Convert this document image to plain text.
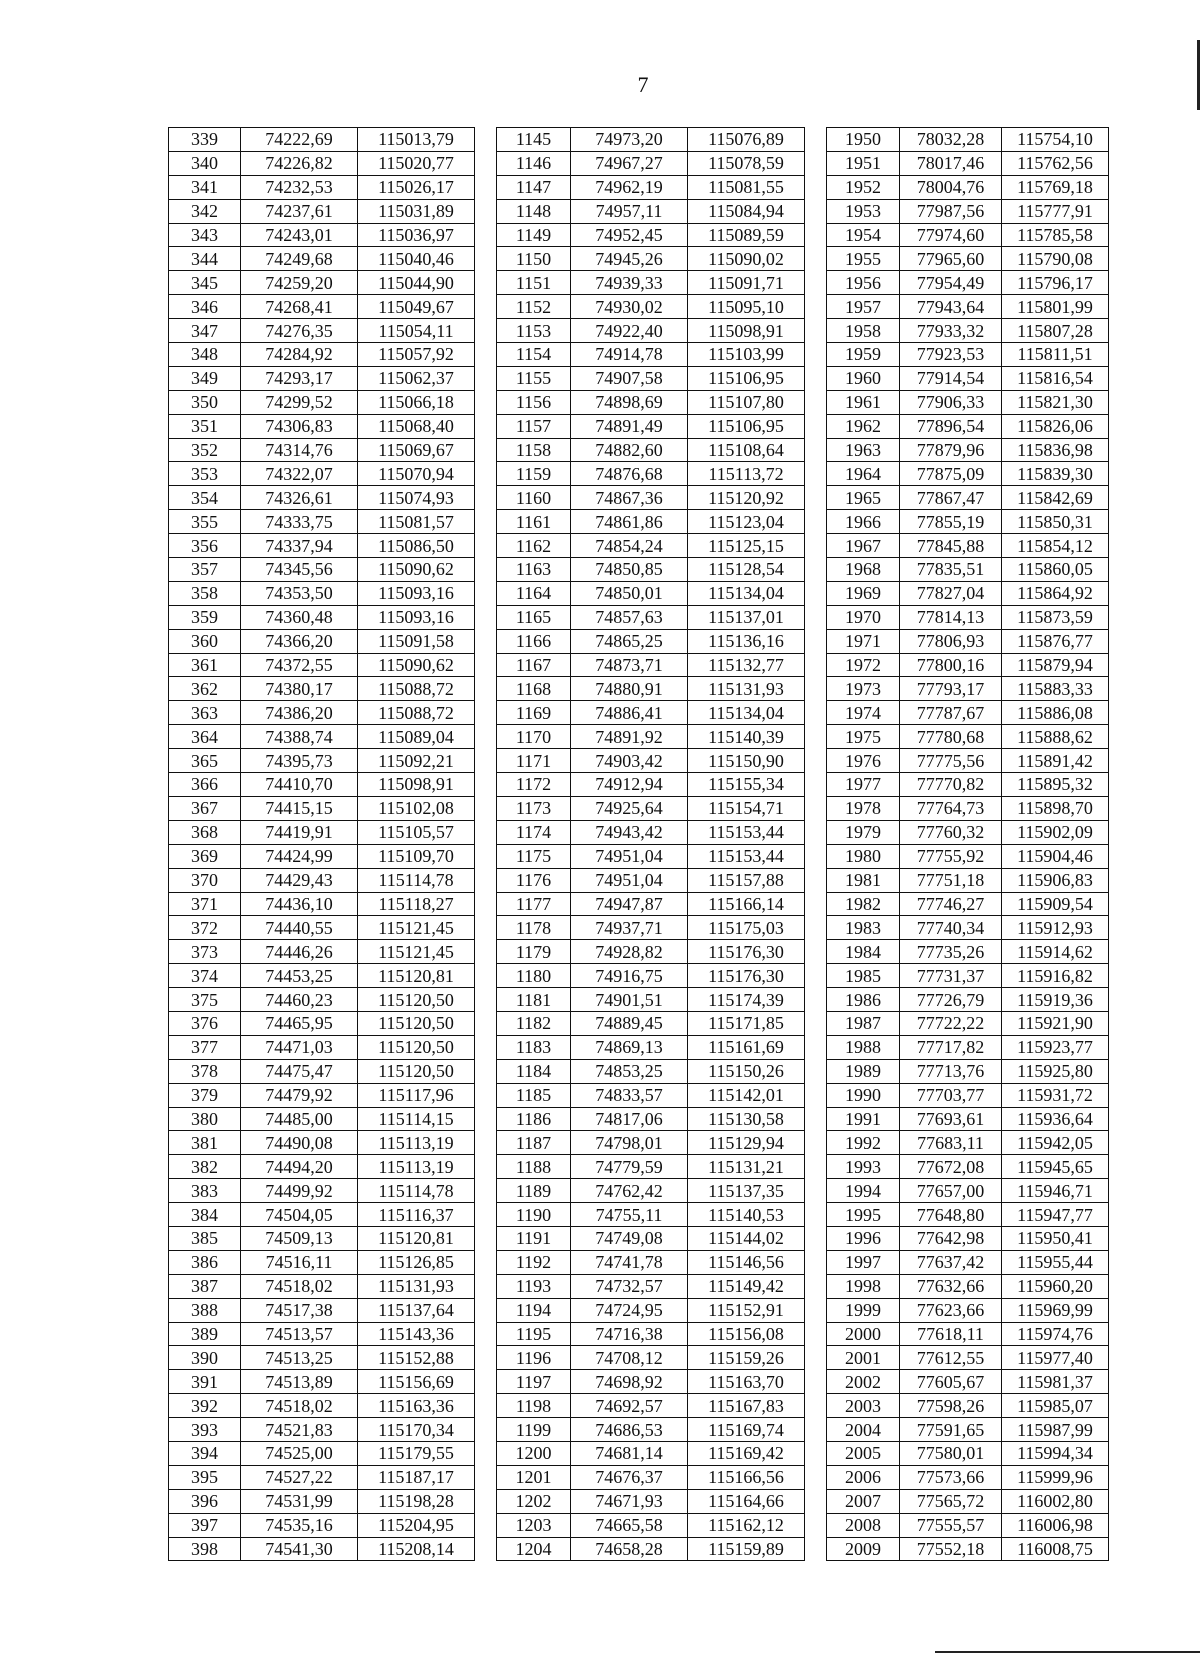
7
339	74222,69	115013,79		1145	74973,20	115076,89		1950	78032,28	115754,10
340	74226,82	115020,77		1146	74967,27	115078,59		1951	78017,46	115762,56
341	74232,53	115026,17		1147	74962,19	115081,55		1952	78004,76	115769,18
342	74237,61	115031,89		1148	74957,11	115084,94		1953	77987,56	115777,91
343	74243,01	115036,97		1149	74952,45	115089,59		1954	77974,60	115785,58
344	74249,68	115040,46		1150	74945,26	115090,02		1955	77965,60	115790,08
345	74259,20	115044,90		1151	74939,33	115091,71		1956	77954,49	115796,17
346	74268,41	115049,67		1152	74930,02	115095,10		1957	77943,64	115801,99
347	74276,35	115054,11		1153	74922,40	115098,91		1958	77933,32	115807,28
348	74284,92	115057,92		1154	74914,78	115103,99		1959	77923,53	115811,51
349	74293,17	115062,37		1155	74907,58	115106,95		1960	77914,54	115816,54
350	74299,52	115066,18		1156	74898,69	115107,80		1961	77906,33	115821,30
351	74306,83	115068,40		1157	74891,49	115106,95		1962	77896,54	115826,06
352	74314,76	115069,67		1158	74882,60	115108,64		1963	77879,96	115836,98
353	74322,07	115070,94		1159	74876,68	115113,72		1964	77875,09	115839,30
354	74326,61	115074,93		1160	74867,36	115120,92		1965	77867,47	115842,69
355	74333,75	115081,57		1161	74861,86	115123,04		1966	77855,19	115850,31
356	74337,94	115086,50		1162	74854,24	115125,15		1967	77845,88	115854,12
357	74345,56	115090,62		1163	74850,85	115128,54		1968	77835,51	115860,05
358	74353,50	115093,16		1164	74850,01	115134,04		1969	77827,04	115864,92
359	74360,48	115093,16		1165	74857,63	115137,01		1970	77814,13	115873,59
360	74366,20	115091,58		1166	74865,25	115136,16		1971	77806,93	115876,77
361	74372,55	115090,62		1167	74873,71	115132,77		1972	77800,16	115879,94
362	74380,17	115088,72		1168	74880,91	115131,93		1973	77793,17	115883,33
363	74386,20	115088,72		1169	74886,41	115134,04		1974	77787,67	115886,08
364	74388,74	115089,04		1170	74891,92	115140,39		1975	77780,68	115888,62
365	74395,73	115092,21		1171	74903,42	115150,90		1976	77775,56	115891,42
366	74410,70	115098,91		1172	74912,94	115155,34		1977	77770,82	115895,32
367	74415,15	115102,08		1173	74925,64	115154,71		1978	77764,73	115898,70
368	74419,91	115105,57		1174	74943,42	115153,44		1979	77760,32	115902,09
369	74424,99	115109,70		1175	74951,04	115153,44		1980	77755,92	115904,46
370	74429,43	115114,78		1176	74951,04	115157,88		1981	77751,18	115906,83
371	74436,10	115118,27		1177	74947,87	115166,14		1982	77746,27	115909,54
372	74440,55	115121,45		1178	74937,71	115175,03		1983	77740,34	115912,93
373	74446,26	115121,45		1179	74928,82	115176,30		1984	77735,26	115914,62
374	74453,25	115120,81		1180	74916,75	115176,30		1985	77731,37	115916,82
375	74460,23	115120,50		1181	74901,51	115174,39		1986	77726,79	115919,36
376	74465,95	115120,50		1182	74889,45	115171,85		1987	77722,22	115921,90
377	74471,03	115120,50		1183	74869,13	115161,69		1988	77717,82	115923,77
378	74475,47	115120,50		1184	74853,25	115150,26		1989	77713,76	115925,80
379	74479,92	115117,96		1185	74833,57	115142,01		1990	77703,77	115931,72
380	74485,00	115114,15		1186	74817,06	115130,58		1991	77693,61	115936,64
381	74490,08	115113,19		1187	74798,01	115129,94		1992	77683,11	115942,05
382	74494,20	115113,19		1188	74779,59	115131,21		1993	77672,08	115945,65
383	74499,92	115114,78		1189	74762,42	115137,35		1994	77657,00	115946,71
384	74504,05	115116,37		1190	74755,11	115140,53		1995	77648,80	115947,77
385	74509,13	115120,81		1191	74749,08	115144,02		1996	77642,98	115950,41
386	74516,11	115126,85		1192	74741,78	115146,56		1997	77637,42	115955,44
387	74518,02	115131,93		1193	74732,57	115149,42		1998	77632,66	115960,20
388	74517,38	115137,64		1194	74724,95	115152,91		1999	77623,66	115969,99
389	74513,57	115143,36		1195	74716,38	115156,08		2000	77618,11	115974,76
390	74513,25	115152,88		1196	74708,12	115159,26		2001	77612,55	115977,40
391	74513,89	115156,69		1197	74698,92	115163,70		2002	77605,67	115981,37
392	74518,02	115163,36		1198	74692,57	115167,83		2003	77598,26	115985,07
393	74521,83	115170,34		1199	74686,53	115169,74		2004	77591,65	115987,99
394	74525,00	115179,55		1200	74681,14	115169,42		2005	77580,01	115994,34
395	74527,22	115187,17		1201	74676,37	115166,56		2006	77573,66	115999,96
396	74531,99	115198,28		1202	74671,93	115164,66		2007	77565,72	116002,80
397	74535,16	115204,95		1203	74665,58	115162,12		2008	77555,57	116006,98
398	74541,30	115208,14		1204	74658,28	115159,89		2009	77552,18	116008,75
